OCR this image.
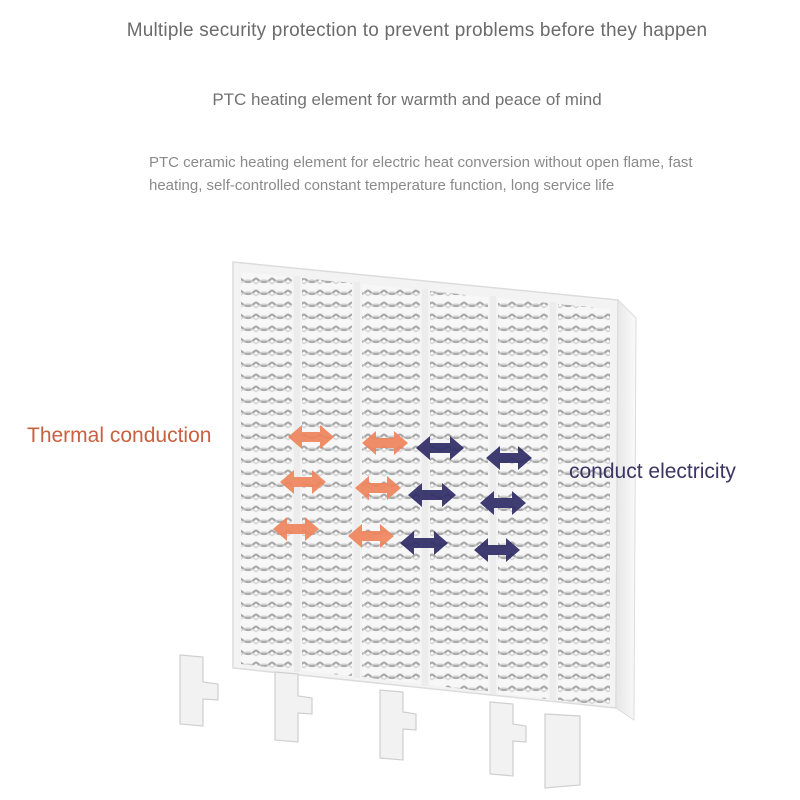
Multiple security protection to prevent problems before they happen
PTC heating element for warmth and peace of mind
PTC ceramic heating element for electric heat conversion without open flame, fast heating, self-controlled constant temperature function, long service life
Thermal conduction
conduct electricity
